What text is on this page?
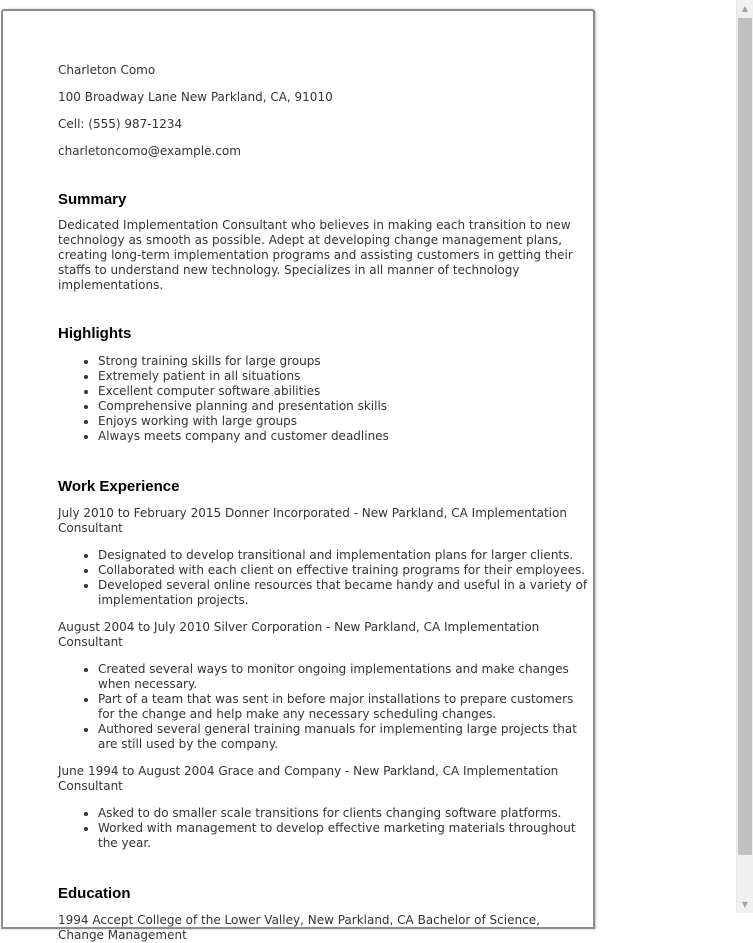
Charleton Como

100 Broadway Lane New Parkland, CA, 91010

Cell: (555) 987-1234

charletoncomo@example.com

Summary

Dedicated Implementation Consultant who believes in making each transition to new technology as smooth as possible. Adept at developing change management plans, creating long-term implementation programs and assisting customers in getting their staffs to understand new technology. Specializes in all manner of technology implementations.

Highlights
• Strong training skills for large groups
• Extremely patient in all situations
• Excellent computer software abilities
• Comprehensive planning and presentation skills
• Enjoys working with large groups
• Always meets company and customer deadlines
Work Experience

July 2010 to February 2015 Donner Incorporated - New Parkland, CA Implementation Consultant

• Designated to develop transitional and implementation plans for larger clients.
• Collaborated with each client on effective training programs for their employees.
• Developed several online resources that became handy and useful in a variety of implementation projects.

August 2004 to July 2010 Silver Corporation - New Parkland, CA Implementation Consultant

• Created several ways to monitor ongoing implementations and make changes when necessary.
• Part of a team that was sent in before major installations to prepare customers for the change and help make any necessary scheduling changes.
• Authored several general training manuals for implementing large projects that are still used by the company.

June 1994 to August 2004 Grace and Company - New Parkland, CA Implementation Consultant

• Asked to do smaller scale transitions for clients changing software platforms.
• Worked with management to develop effective marketing materials throughout the year.
Education

1994 Accept College of the Lower Valley, New Parkland, CA Bachelor of Science, Change Management

▲
▼
